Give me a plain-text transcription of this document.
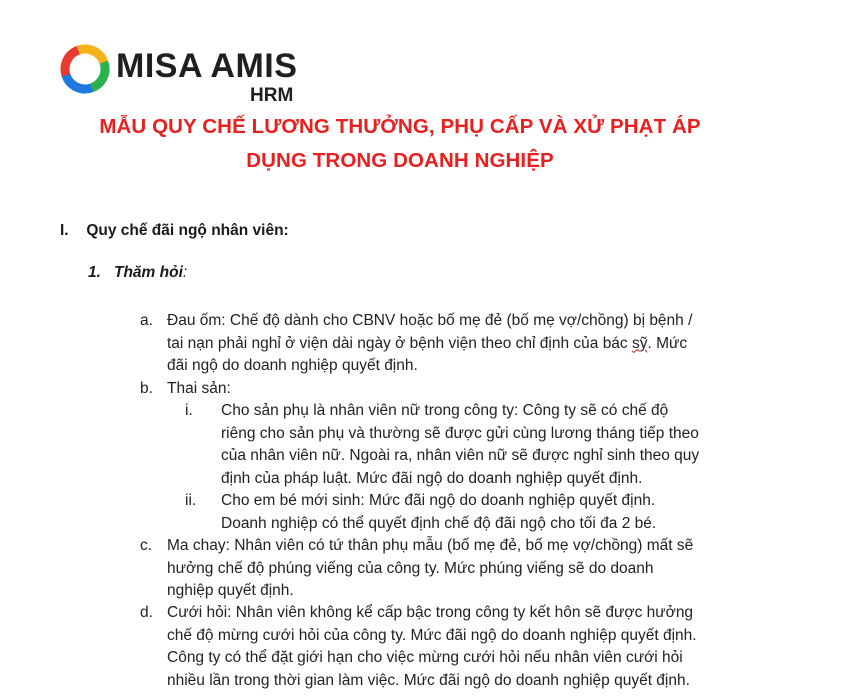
MISA AMIS
HRM
MẪU QUY CHẾ LƯƠNG THƯỞNG, PHỤ CẤP VÀ XỬ PHẠT ÁP
DỤNG TRONG DOANH NGHIỆP
I. Quy chế đãi ngộ nhân viên:
1. Thăm hỏi:
a. Đau ốm: Chế độ dành cho CBNV hoặc bố mẹ đẻ (bố mẹ vợ/chồng) bị bệnh /
tai nạn phải nghỉ ở viện dài ngày ở bệnh viện theo chỉ định của bác sỹ. Mức
đãi ngộ do doanh nghiệp quyết định.
b. Thai sản:
i. Cho sản phụ là nhân viên nữ trong công ty: Công ty sẽ có chế độ
riêng cho sản phụ và thường sẽ được gửi cùng lương tháng tiếp theo
của nhân viên nữ. Ngoài ra, nhân viên nữ sẽ được nghỉ sinh theo quy
định của pháp luật. Mức đãi ngộ do doanh nghiệp quyết định.
ii. Cho em bé mới sinh: Mức đãi ngộ do doanh nghiệp quyết định.
Doanh nghiệp có thể quyết định chế độ đãi ngộ cho tối đa 2 bé.
c. Ma chay: Nhân viên có tứ thân phụ mẫu (bố mẹ đẻ, bố mẹ vợ/chồng) mất sẽ
hưởng chế độ phúng viếng của công ty. Mức phúng viếng sẽ do doanh
nghiệp quyết định.
d. Cưới hỏi: Nhân viên không kể cấp bậc trong công ty kết hôn sẽ được hưởng
chế độ mừng cưới hỏi của công ty. Mức đãi ngộ do doanh nghiệp quyết định.
Công ty có thể đặt giới hạn cho việc mừng cưới hỏi nếu nhân viên cưới hỏi
nhiều lần trong thời gian làm việc. Mức đãi ngộ do doanh nghiệp quyết định.
